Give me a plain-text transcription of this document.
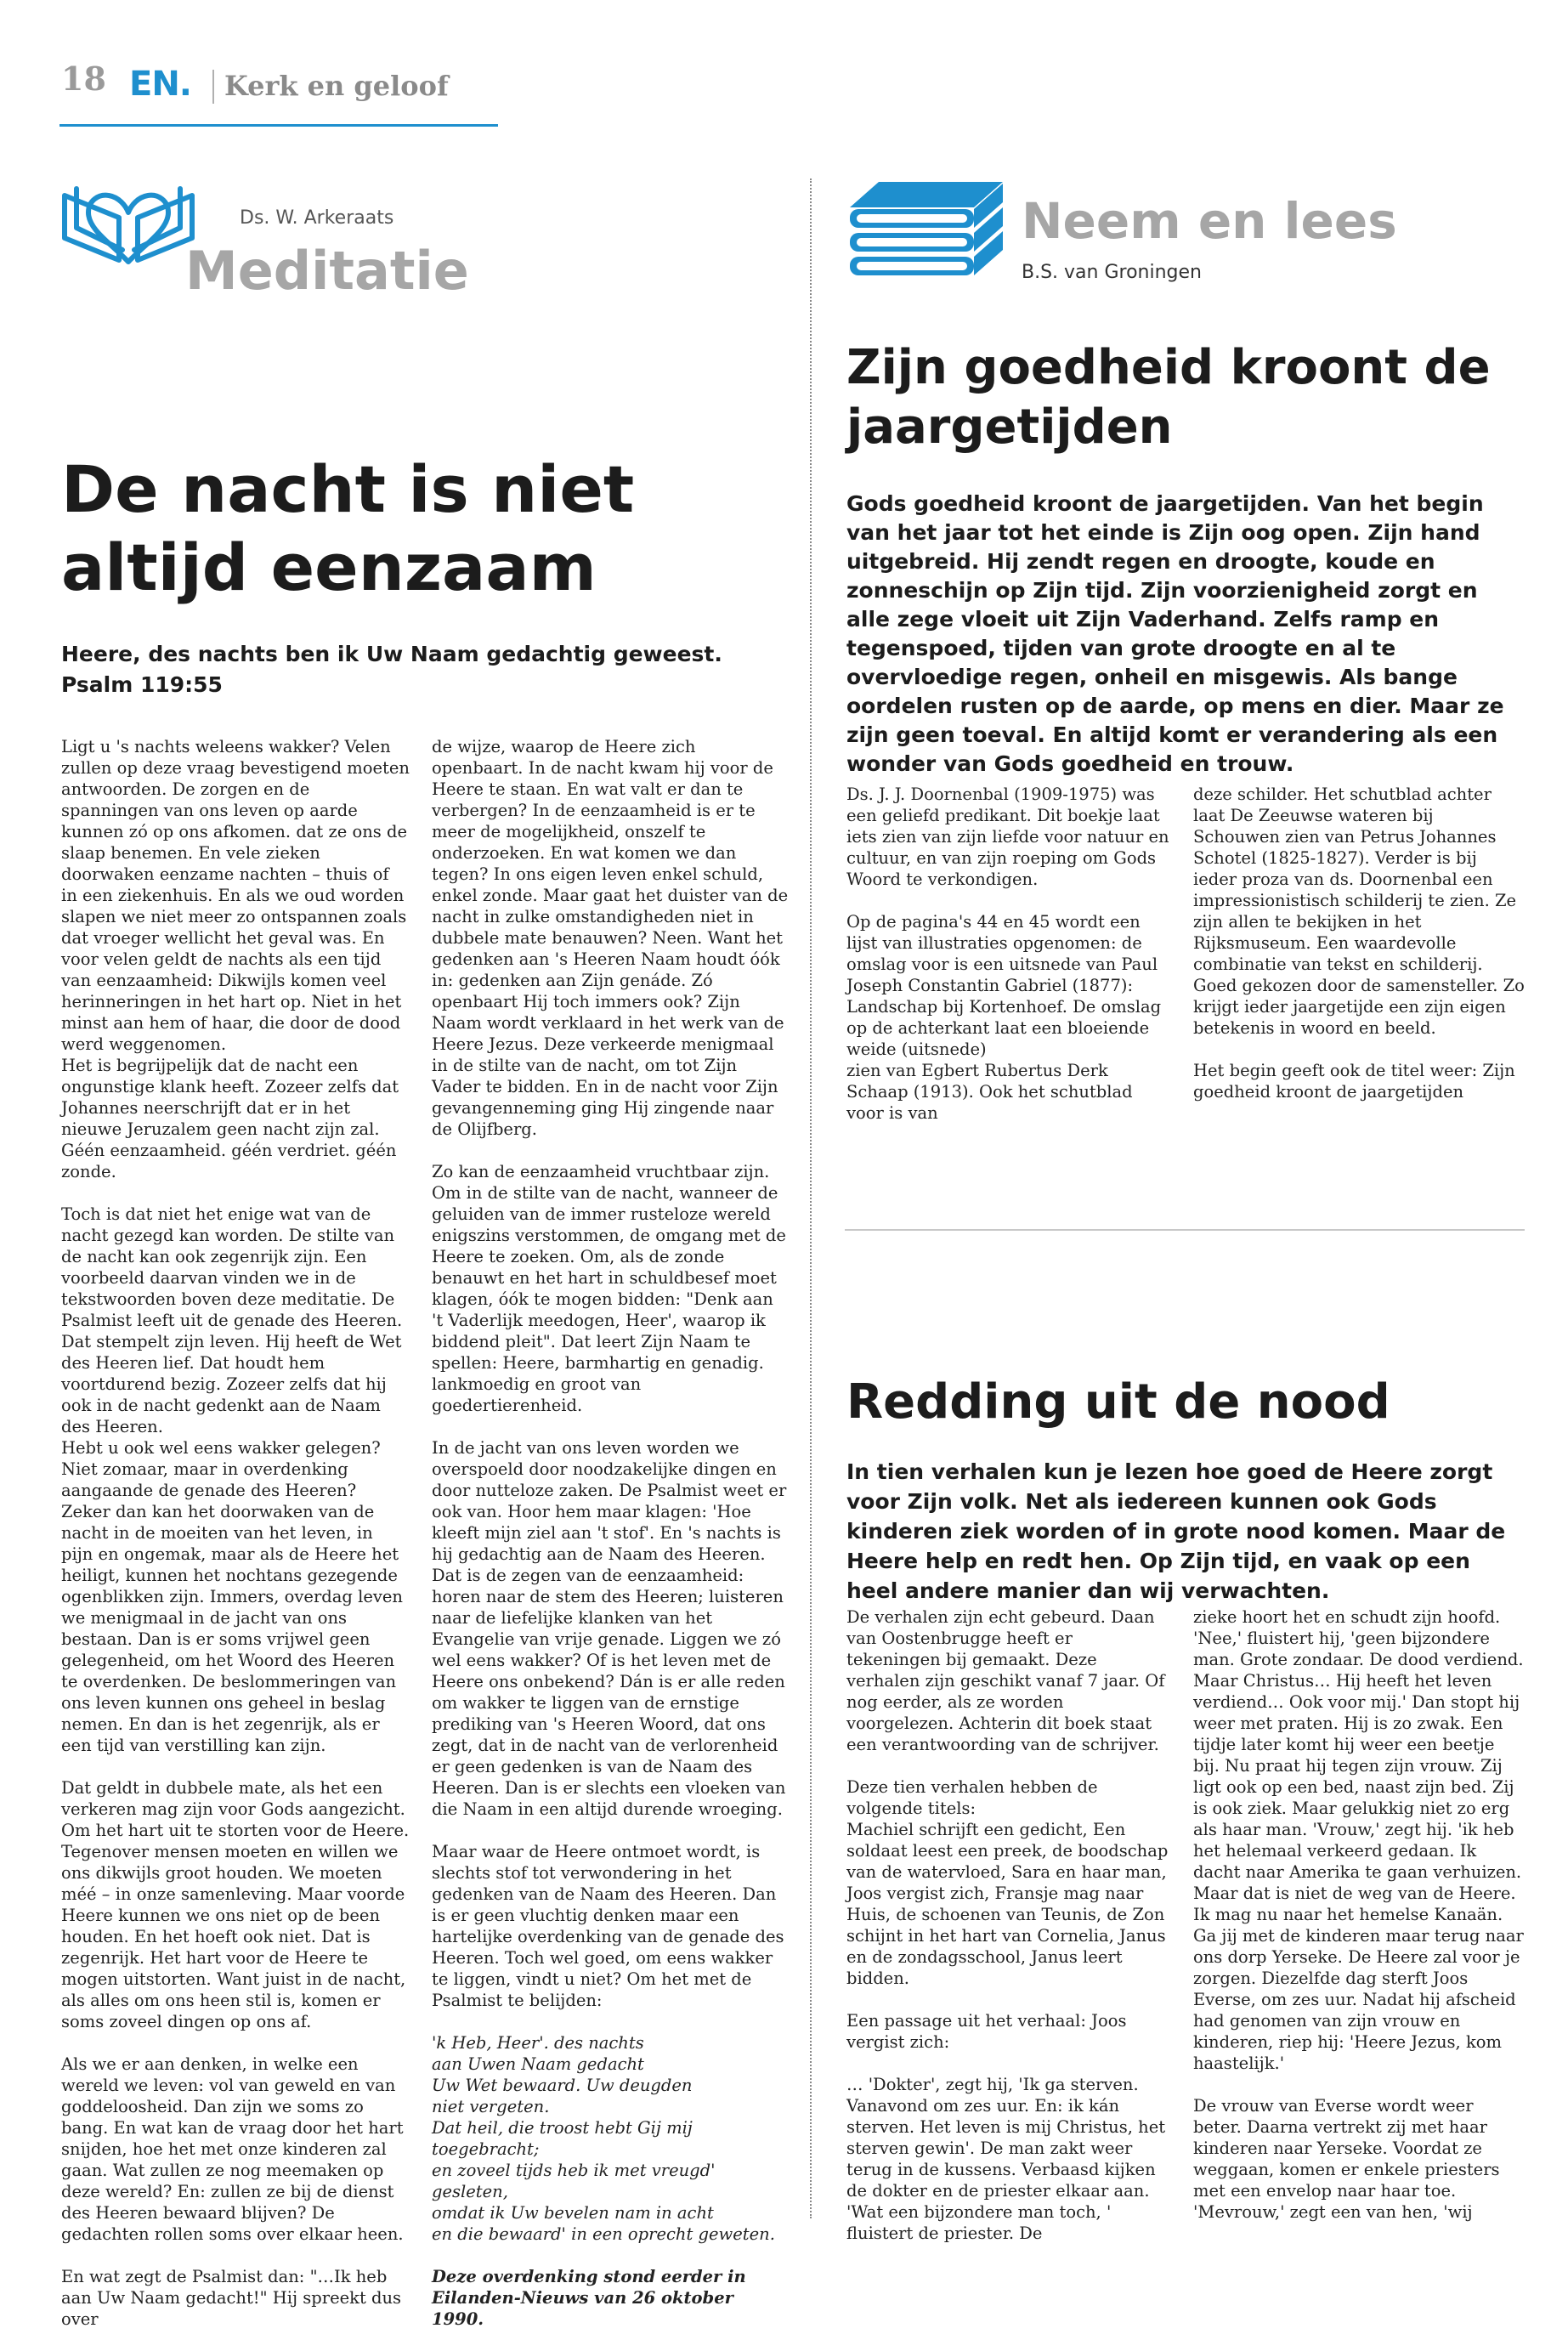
18 EN. Kerk en geloof
Ds. W. Arkeraats
Meditatie
De nacht is niet altijd eenzaam
Heere, des nachts ben ik Uw Naam gedachtig geweest.
Psalm 119:55

Ligt u 's nachts weleens wakker? Velen zullen op deze vraag bevestigend moeten antwoorden. De zorgen en de spanningen van ons leven op aarde kunnen zó op ons afkomen. dat ze ons de slaap benemen. En vele zieken doorwaken eenzame nachten – thuis of in een ziekenhuis. En als we oud worden slapen we niet meer zo ontspannen zoals dat vroeger wellicht het geval was. En voor velen geldt de nachts als een tijd van eenzaamheid: Dikwijls komen veel herinneringen in het hart op. Niet in het minst aan hem of haar, die door de dood werd weggenomen.
Het is begrijpelijk dat de nacht een ongunstige klank heeft. Zozeer zelfs dat Johannes neerschrijft dat er in het nieuwe Jeruzalem geen nacht zijn zal. Géén eenzaamheid. géén verdriet. géén zonde.

Toch is dat niet het enige wat van de nacht gezegd kan worden. De stilte van de nacht kan ook zegenrijk zijn. Een voorbeeld daarvan vinden we in de tekstwoorden boven deze meditatie. De Psalmist leeft uit de genade des Heeren. Dat stempelt zijn leven. Hij heeft de Wet des Heeren lief. Dat houdt hem voortdurend bezig. Zozeer zelfs dat hij ook in de nacht gedenkt aan de Naam des Heeren.
Hebt u ook wel eens wakker gelegen? Niet zomaar, maar in overdenking aangaande de genade des Heeren? Zeker dan kan het doorwaken van de nacht in de moeiten van het leven, in pijn en ongemak, maar als de Heere het heiligt, kunnen het nochtans gezegende ogenblikken zijn. Immers, overdag leven we menigmaal in de jacht van ons bestaan. Dan is er soms vrijwel geen gelegenheid, om het Woord des Heeren te overdenken. De beslommeringen van ons leven kunnen ons geheel in beslag nemen. En dan is het zegenrijk, als er een tijd van verstilling kan zijn.

Dat geldt in dubbele mate, als het een verkeren mag zijn voor Gods aangezicht. Om het hart uit te storten voor de Heere. Tegenover mensen moeten en willen we ons dikwijls groot houden. We moeten méé – in onze samenleving. Maar voorde Heere kunnen we ons niet op de been houden. En het hoeft ook niet. Dat is zegenrijk. Het hart voor de Heere te mogen uitstorten. Want juist in de nacht, als alles om ons heen stil is, komen er soms zoveel dingen op ons af.

Als we er aan denken, in welke een wereld we leven: vol van geweld en van goddeloosheid. Dan zijn we soms zo bang. En wat kan de vraag door het hart snijden, hoe het met onze kinderen zal gaan. Wat zullen ze nog meemaken op deze wereld? En: zullen ze bij de dienst des Heeren bewaard blijven? De gedachten rollen soms over elkaar heen.

En wat zegt de Psalmist dan: "…Ik heb aan Uw Naam gedacht!" Hij spreekt dus over

de wijze, waarop de Heere zich openbaart. In de nacht kwam hij voor de Heere te staan. En wat valt er dan te verbergen? In de eenzaamheid is er te meer de mogelijkheid, onszelf te onderzoeken. En wat komen we dan tegen? In ons eigen leven enkel schuld, enkel zonde. Maar gaat het duister van de nacht in zulke omstandigheden niet in dubbele mate benauwen? Neen. Want het gedenken aan 's Heeren Naam houdt óók in: gedenken aan Zijn genáde. Zó openbaart Hij toch immers ook? Zijn Naam wordt verklaard in het werk van de Heere Jezus. Deze verkeerde menigmaal in de stilte van de nacht, om tot Zijn Vader te bidden. En in de nacht voor Zijn gevangenneming ging Hij zingende naar de Olijfberg.

Zo kan de eenzaamheid vruchtbaar zijn. Om in de stilte van de nacht, wanneer de geluiden van de immer rusteloze wereld enigszins verstommen, de omgang met de Heere te zoeken. Om, als de zonde benauwt en het hart in schuldbesef moet klagen, óók te mogen bidden: "Denk aan 't Vaderlijk meedogen, Heer', waarop ik biddend pleit". Dat leert Zijn Naam te spellen: Heere, barmhartig en genadig. lankmoedig en groot van goedertierenheid.

In de jacht van ons leven worden we overspoeld door noodzakelijke dingen en door nutteloze zaken. De Psalmist weet er ook van. Hoor hem maar klagen: 'Hoe kleeft mijn ziel aan 't stof'. En 's nachts is hij gedachtig aan de Naam des Heeren. Dat is de zegen van de eenzaamheid: horen naar de stem des Heeren; luisteren naar de liefelijke klanken van het Evangelie van vrije genade. Liggen we zó wel eens wakker? Of is het leven met de Heere ons onbekend? Dán is er alle reden om wakker te liggen van de ernstige prediking van 's Heeren Woord, dat ons zegt, dat in de nacht van de verlorenheid er geen gedenken is van de Naam des Heeren. Dan is er slechts een vloeken van die Naam in een altijd durende wroeging.

Maar waar de Heere ontmoet wordt, is slechts stof tot verwondering in het gedenken van de Naam des Heeren. Dan is er geen vluchtig denken maar een hartelijke overdenking van de genade des Heeren. Toch wel goed, om eens wakker te liggen, vindt u niet? Om het met de Psalmist te belijden:

'k Heb, Heer'. des nachts
aan Uwen Naam gedacht
Uw Wet bewaard. Uw deugden
niet vergeten.
Dat heil, die troost hebt Gij mij toegebracht;
en zoveel tijds heb ik met vreugd' gesleten,
omdat ik Uw bevelen nam in acht
en die bewaard' in een oprecht geweten.

Deze overdenking stond eerder in Eilanden-Nieuws van 26 oktober 1990.

Neem en lees
B.S. van Groningen
Zijn goedheid kroont de jaargetijden
Gods goedheid kroont de jaargetijden. Van het begin van het jaar tot het einde is Zijn oog open. Zijn hand uitgebreid. Hij zendt regen en droogte, koude en zonneschijn op Zijn tijd. Zijn voorzienigheid zorgt en alle zege vloeit uit Zijn Vaderhand. Zelfs ramp en tegenspoed, tijden van grote droogte en al te overvloedige regen, onheil en misgewis. Als bange oordelen rusten op de aarde, op mens en dier. Maar ze zijn geen toeval. En altijd komt er verandering als een wonder van Gods goedheid en trouw.

Ds. J. J. Doornenbal (1909-1975) was een geliefd predikant. Dit boekje laat iets zien van zijn liefde voor natuur en cultuur, en van zijn roeping om Gods Woord te verkondigen.

Op de pagina's 44 en 45 wordt een lijst van illustraties opgenomen: de omslag voor is een uitsnede van Paul Joseph Constantin Gabriel (1877): Landschap bij Kortenhoef. De omslag op de achterkant laat een bloeiende weide (uitsnede)
zien van Egbert Rubertus Derk Schaap (1913). Ook het schutblad voor is van

deze schilder. Het schutblad achter laat De Zeeuwse wateren bij Schouwen zien van Petrus Johannes Schotel (1825-1827). Verder is bij ieder proza van ds. Doornenbal een impressionistisch schilderij te zien. Ze zijn allen te bekijken in het Rijksmuseum. Een waardevolle combinatie van tekst en schilderij. Goed gekozen door de samensteller. Zo krijgt ieder jaargetijde een zijn eigen betekenis in woord en beeld.

Het begin geeft ook de titel weer: Zijn goedheid kroont de jaargetijden

Redding uit de nood
In tien verhalen kun je lezen hoe goed de Heere zorgt voor Zijn volk. Net als iedereen kunnen ook Gods kinderen ziek worden of in grote nood komen. Maar de Heere help en redt hen. Op Zijn tijd, en vaak op een heel andere manier dan wij verwachten.

De verhalen zijn echt gebeurd. Daan van Oostenbrugge heeft er tekeningen bij gemaakt. Deze verhalen zijn geschikt vanaf 7 jaar. Of nog eerder, als ze worden voorgelezen. Achterin dit boek staat een verantwoording van de schrijver.

Deze tien verhalen hebben de volgende titels:
Machiel schrijft een gedicht, Een soldaat leest een preek, de boodschap van de watervloed, Sara en haar man, Joos vergist zich, Fransje mag naar Huis, de schoenen van Teunis, de Zon schijnt in het hart van Cornelia, Janus en de zondagsschool, Janus leert bidden.

Een passage uit het verhaal: Joos vergist zich:

… 'Dokter', zegt hij, 'Ik ga sterven. Vanavond om zes uur. En: ik kán sterven. Het leven is mij Christus, het sterven gewin'. De man zakt weer terug in de kussens. Verbaasd kijken de dokter en de priester elkaar aan. 'Wat een bijzondere man toch, ' fluistert de priester. De

zieke hoort het en schudt zijn hoofd. 'Nee,' fluistert hij, 'geen bijzondere man. Grote zondaar. De dood verdiend. Maar Christus… Hij heeft het leven verdiend… Ook voor mij.' Dan stopt hij weer met praten. Hij is zo zwak. Een tijdje later komt hij weer een beetje bij. Nu praat hij tegen zijn vrouw. Zij ligt ook op een bed, naast zijn bed. Zij is ook ziek. Maar gelukkig niet zo erg als haar man. 'Vrouw,' zegt hij. 'ik heb het helemaal verkeerd gedaan. Ik dacht naar Amerika te gaan verhuizen. Maar dat is niet de weg van de Heere. Ik mag nu naar het hemelse Kanaän. Ga jij met de kinderen maar terug naar ons dorp Yerseke. De Heere zal voor je zorgen. Diezelfde dag sterft Joos Everse, om zes uur. Nadat hij afscheid had genomen van zijn vrouw en kinderen, riep hij: 'Heere Jezus, kom haastelijk.'

De vrouw van Everse wordt weer beter. Daarna vertrekt zij met haar kinderen naar Yerseke. Voordat ze weggaan, komen er enkele priesters met een envelop naar haar toe. 'Mevrouw,' zegt een van hen, 'wij
